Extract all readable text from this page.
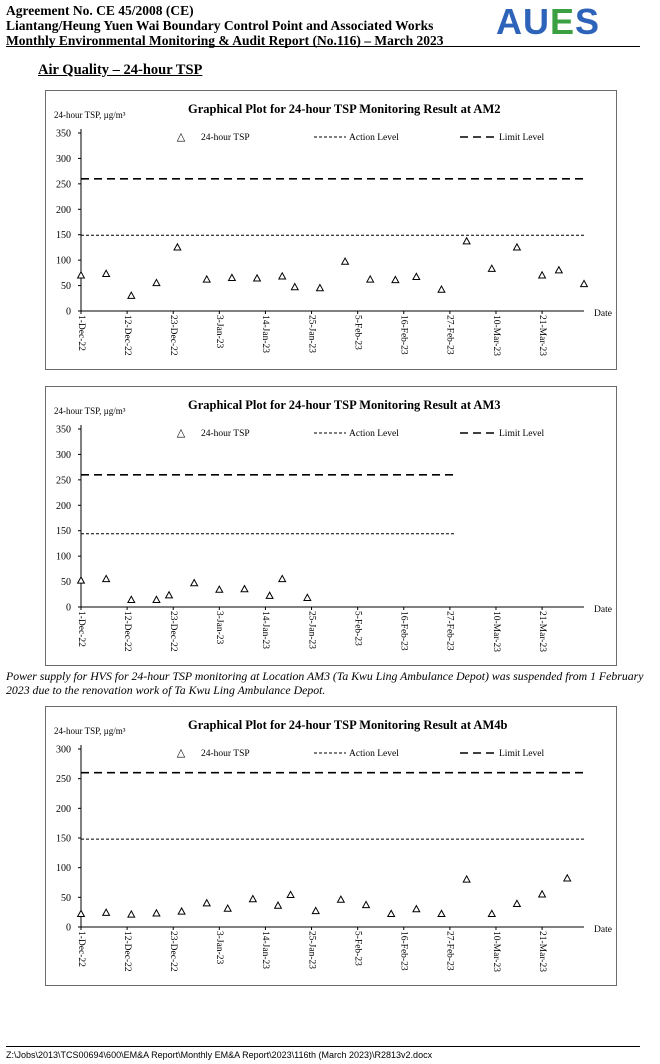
Agreement No. CE 45/2008 (CE)
Liantang/Heung Yuen Wai Boundary Control Point and Associated Works
Monthly Environmental Monitoring & Audit Report (No.116) – March 2023	AUES
Air Quality – 24-hour TSP
Graphical Plot for 24-hour TSP Monitoring Result at AM2
24-hour TSP, µg/m³
△ 24-hour TSP	Action Level	Limit Level
0
50
100
150
200
250
300
350
1-Dec-22	12-Dec-22	23-Dec-22	3-Jan-23	14-Jan-23	25-Jan-23	5-Feb-23	16-Feb-23	27-Feb-23	10-Mar-23	21-Mar-23
Date
Graphical Plot for 24-hour TSP Monitoring Result at AM3
24-hour TSP, µg/m³
△ 24-hour TSP	Action Level	Limit Level
0
50
100
150
200
250
300
350
1-Dec-22	12-Dec-22	23-Dec-22	3-Jan-23	14-Jan-23	25-Jan-23	5-Feb-23	16-Feb-23	27-Feb-23	10-Mar-23	21-Mar-23
Date
Power supply for HVS for 24-hour TSP monitoring at Location AM3 (Ta Kwu Ling Ambulance Depot) was suspended from 1 February 2023 due to the renovation work of Ta Kwu Ling Ambulance Depot.
Graphical Plot for 24-hour TSP Monitoring Result at AM4b
24-hour TSP, µg/m³
△ 24-hour TSP	Action Level	Limit Level
0
50
100
150
200
250
300
1-Dec-22	12-Dec-22	23-Dec-22	3-Jan-23	14-Jan-23	25-Jan-23	5-Feb-23	16-Feb-23	27-Feb-23	10-Mar-23	21-Mar-23
Date
Z:\Jobs\2013\TCS00694\600\EM&A Report\Monthly EM&A Report\2023\116th (March 2023)\R2813v2.docx
